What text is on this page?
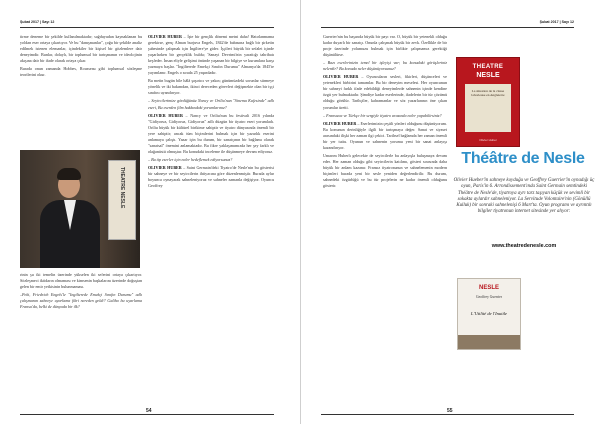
Şubat 2017 | Sayı 12

tirme deneme bir şekilde kullanılmaktadır; sağduyudan kaynaklanan bu yoldan eser ortaya çıkartıyor. Ve bu "danışmanlar", çoğu bir şekilde analiz edilmek istenen elemanlar, içindekiler bir kişisel bir gözlemlere dair deneyimdir. Bunlar, dolaylı, bir toplumsal bir tartışmanın ve ideolojinin akışına dair bir ifade olarak ortaya çıkar.

Burada onun zamanda Hobbes, Rousseau gibi toplumsal sözleşme teorilerini okur.

THEATRE NESLE

rinin şu iki temelin üzerinde yükselen iki seferini ortaya çıkartıyor. Sözleşmeci iktidarın olmaması ve kimsenin başkalarını üzerinde doğuştan gelen bir emir yetkisinin bulunmaması.

–Peki, Friedrich Engels'le "Ingilterede Emekçi Sınıfın Durumu" adlı çalışmanın sahneye uyarlama fikri nereden geldi? Galiba bu uyarlama Fransa'da, belki de dünyada bir ilk?

OLIVIER HUBER – İşte bir gençlik dönemi metni daha! Hatırlanmama gerekirse, genç Alman burjuva Engels, 1842'de babasına bağlı bir şirketin şubesinde çalışmak için İngiltere'ye gider. İşçileri büyük bir sefalet içinde yaşarlarken bir gerçeklik buldu; 'Sanayi Devrimi'nin yarattığı tahribatı keşfeder. İnsan eliyle gelişimi önünde yaşanan bir bilgiye ve kurumlara karşı yazmaya başlar. "İngilterede Emekçi Sınıfın Durumu" Almanya'da 1845'te yayımlanır. Engels o sırada 25 yaşındadır.

Bu metin bugün bile hâlâ şaşırtıcı ve yakın; günümüzdeki sorunlar sürmeye yönelik ve iki bakımdan, ikinci dereceden görevleri değişmekte olan bir işçi sınıfını uyandırıyor.

– Seyircilerimize gördüğünüz Nancy ve Oriliu'nun "Sinema Kafesinde" adlı eseri, Bu eserden film hakkındaki yorumlarınız?

OLIVIER HUBER – Nancy ve Oriliu'nun bu festivali 2016 yılında "Gidiyoruz, Gidiyoruz, Gidiyoruz" adlı düzgün bir tiyatro eseri yorumladı. Oriliu büyük bir kültürel birikime sahiptir ve tiyatro dünyasında önemli bir yere sahiptir; ancak tüm biçimlerini bulmak için bir yazarlık eserini anlamaya çalıştı. Yazar için bu durum, bir sanatçının bir bağlamı olarak "sanatsal" önemini anlamaktadır. Bu fikre yaklaşımımızda her şey farklı ve olağanüstü olmuştur. Bu konudaki inceleme ile düşünmeye devam ediyoruz.

– Bu tip eserler için neler hedeflemek ediyorsunuz?

OLIVIER HUBER – Saint Germain'deki Tiyatro'de Nesle'nin bu gösterisi bir sahneye ve bir seyircilerin ihtiyacına göre düzenlenmiştir. Burada aylar boyunca oynayarak sahneleniyoruz ve sahneler zamanla değişiyor. Oyuncu Geoffrey

54
Şubat 2017 | Sayı 12

Guerrier'nin bu başarıda büyük bir payı var. O, büyük bir yetenekli olduğu kadar duyarlı bir sanatçı. Onunla çalışmak büyük bir zevk. Özellikle de bir proje üzerinde yolumuzu bulmak için birlikte çalışmamız gerektiği düşünülürse.

– Bazı eserlerinizin temel bir işleyişi var; bu konudaki görüşleriniz nelerdir? Bu konuda neler düşünüyorsunuz?

OLIVIER HUBER – Oyuncuların sesleri, fikirleri, düşünceleri ve yetenekleri birbirini tamamlar. Bu bir deneyim meselesi. Her oyuncunun bir sahneyi farklı ifade edebildiği deneyimlerde sahnenin içinde kendine özgü yer bulmaktadır. Şimdiye kadar eserlerinde, ifadelerin bir tür çözümü olduğu görülür. Tarihçiler, kahramanlar ve söz yazarlarının öne çıkan yorumlar üretti.

– Fransızca ve Türkçe bir sergiyle tiyatro arasında neler yapabilirsiniz?

OLIVIER HUBER – Eserlerimizin çeşitli yönleri olduğunu düşünüyorum. Bu konunun derinliğiyle ilgili bir tartışmaya değer. Sanat ve siyaset arasındaki ilişki her zaman ilgi çekici. Tarihsel bağlamda her zaman önemli bir yer tuttu. Oyunun ve sahnenin yorumu yeni bir sanat anlayışı kazandırıyor.

Umarım Huberlı gelecekte de seyircilerle bu anlayışla buluşmaya devam eder. Her zaman olduğu gibi seyircilerin katılımı, gösteri sırasında daha büyük bir anlam kazanır. Fransız tiyatrosunun ve sahnelemenin modern biçimleri burada yeni bir sesle yeniden değerlendirilir. Bu durum, sahnedeki özgürlüğü ve bu tür projelerin ne kadar önemli olduğunu gösterir.

THEATRE
NESLE
La situation de la classe laborieuse en Angleterre
Olivier Huber
Théâtre de Nesle
Olivier Hueber'in sahneye koyduğu ve Geoffrey Guerrier'in oynadığı üç oyun, Paris'in 6. Arrondissement'ında Saint Germain semtindeki Théâtre de Nesle'de, tiyatroya ayrı tarz taşıyan küçük ve sevimli bir sokakta aylardır sahneleniyor. La Servitude Volontaire'nin (Gönüllü Kulluk) bir sonraki sahnelenişi 6 Mart'ta. Oyun programı ve ayrıntılı bilgiler tiyatronun internet sitesinde yer alıyor:
www.theatredenesle.com
NESLE
Geoffrey Guerrier
L'Utilité de l'Inutile
55
